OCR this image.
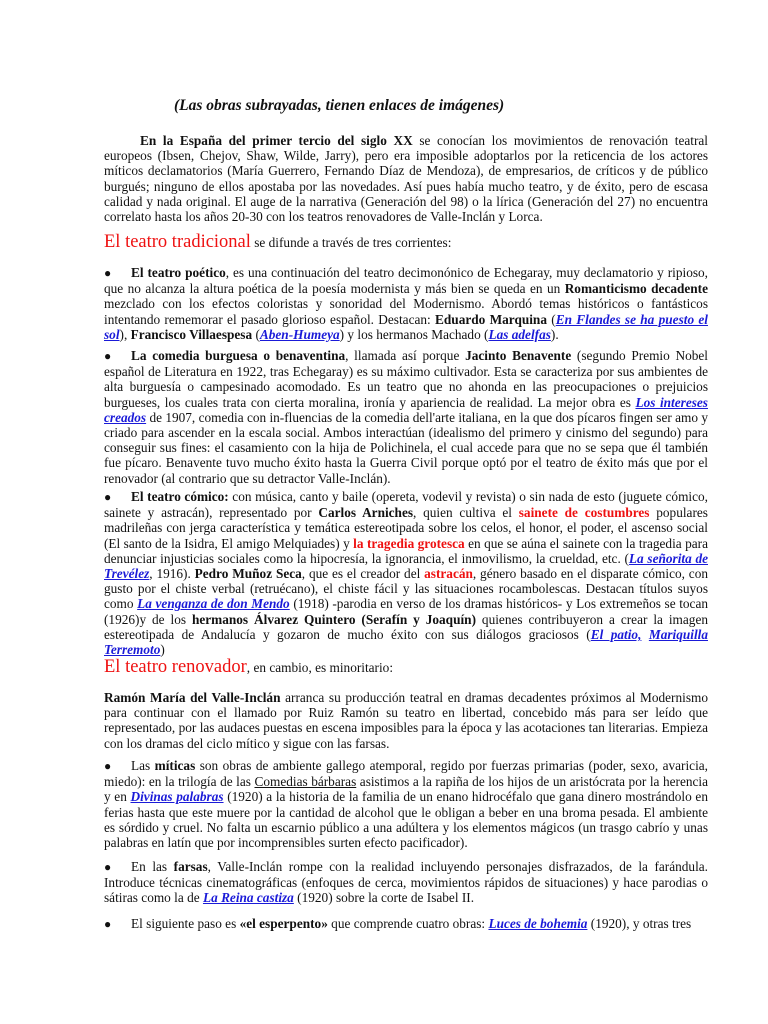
(Las obras subrayadas, tienen enlaces de imágenes)

En la España del primer tercio del siglo XX se conocían los movimientos de renovación teatral europeos (Ibsen, Chejov, Shaw, Wilde, Jarry), pero era imposible adoptarlos por la reticencia de los actores míticos declamatorios (María Guerrero, Fernando Díaz de Mendoza), de empresarios, de críticos y de público burgués; ninguno de ellos apostaba por las novedades. Así pues había mucho teatro, y de éxito, pero de escasa calidad y nada original. El auge de la narrativa (Generación del 98) o la lírica (Generación del 27) no encuentra correlato hasta los años 20-30 con los teatros renovadores de Valle-Inclán y Lorca.

El teatro tradicional se difunde a través de tres corrientes:

● El teatro poético, es una continuación del teatro decimonónico de Echegaray, muy declamatorio y ripioso, que no alcanza la altura poética de la poesía modernista y más bien se queda en un Romanticismo decadente mezclado con los efectos coloristas y sonoridad del Modernismo. Abordó temas históricos o fantásticos intentando rememorar el pasado glorioso español. Destacan: Eduardo Marquina (En Flandes se ha puesto el sol), Francisco Villaespesa (Aben-Humeya) y los hermanos Machado (Las adelfas).

● La comedia burguesa o benaventina, llamada así porque Jacinto Benavente (segundo Premio Nobel español de Literatura en 1922, tras Echegaray) es su máximo cultivador. Esta se caracteriza por sus ambientes de alta burguesía o campesinado acomodado. Es un teatro que no ahonda en las preocupaciones o prejuicios burgueses, los cuales trata con cierta moralina, ironía y apariencia de realidad. La mejor obra es Los intereses creados de 1907, comedia con in-fluencias de la comedia dell'arte italiana, en la que dos pícaros fingen ser amo y criado para ascender en la escala social. Ambos interactúan (idealismo del primero y cinismo del segundo) para conseguir sus fines: el casamiento con la hija de Polichinela, el cual accede para que no se sepa que él también fue pícaro. Benavente tuvo mucho éxito hasta la Guerra Civil porque optó por el teatro de éxito más que por el renovador (al contrario que su detractor Valle-Inclán).

● El teatro cómico: con música, canto y baile (opereta, vodevil y revista) o sin nada de esto (juguete cómico, sainete y astracán), representado por Carlos Arniches, quien cultiva el sainete de costumbres populares madrileñas con jerga característica y temática estereotipada sobre los celos, el honor, el poder, el ascenso social (El santo de la Isidra, El amigo Melquiades) y la tragedia grotesca en que se aúna el sainete con la tragedia para denunciar injusticias sociales como la hipocresía, la ignorancia, el inmovilismo, la crueldad, etc. (La señorita de Trevélez, 1916). Pedro Muñoz Seca, que es el creador del astracán, género basado en el disparate cómico, con gusto por el chiste verbal (retruécano), el chiste fácil y las situaciones rocambolescas. Destacan títulos suyos como La venganza de don Mendo (1918) -parodia en verso de los dramas históricos- y Los extremeños se tocan (1926)y de los hermanos Álvarez Quintero (Serafín y Joaquín) quienes contribuyeron a crear la imagen estereotipada de Andalucía y gozaron de mucho éxito con sus diálogos graciosos (El patio, Mariquilla Terremoto)

El teatro renovador, en cambio, es minoritario:

Ramón María del Valle-Inclán arranca su producción teatral en dramas decadentes próximos al Modernismo para continuar con el llamado por Ruiz Ramón su teatro en libertad, concebido más para ser leído que representado, por las audaces puestas en escena imposibles para la época y las acotaciones tan literarias. Empieza con los dramas del ciclo mítico y sigue con las farsas.

● Las míticas son obras de ambiente gallego atemporal, regido por fuerzas primarias (poder, sexo, avaricia, miedo): en la trilogía de las Comedias bárbaras asistimos a la rapiña de los hijos de un aristócrata por la herencia y en Divinas palabras (1920) a la historia de la familia de un enano hidrocéfalo que gana dinero mostrándolo en ferias hasta que este muere por la cantidad de alcohol que le obligan a beber en una broma pesada. El ambiente es sórdido y cruel. No falta un escarnio público a una adúltera y los elementos mágicos (un trasgo cabrío y unas palabras en latín que por incomprensibles surten efecto pacificador).

● En las farsas, Valle-Inclán rompe con la realidad incluyendo personajes disfrazados, de la farándula. Introduce técnicas cinematográficas (enfoques de cerca, movimientos rápidos de situaciones) y hace parodias o sátiras como la de La Reina castiza (1920) sobre la corte de Isabel II.

● El siguiente paso es «el esperpento» que comprende cuatro obras: Luces de bohemia (1920), y otras tres
